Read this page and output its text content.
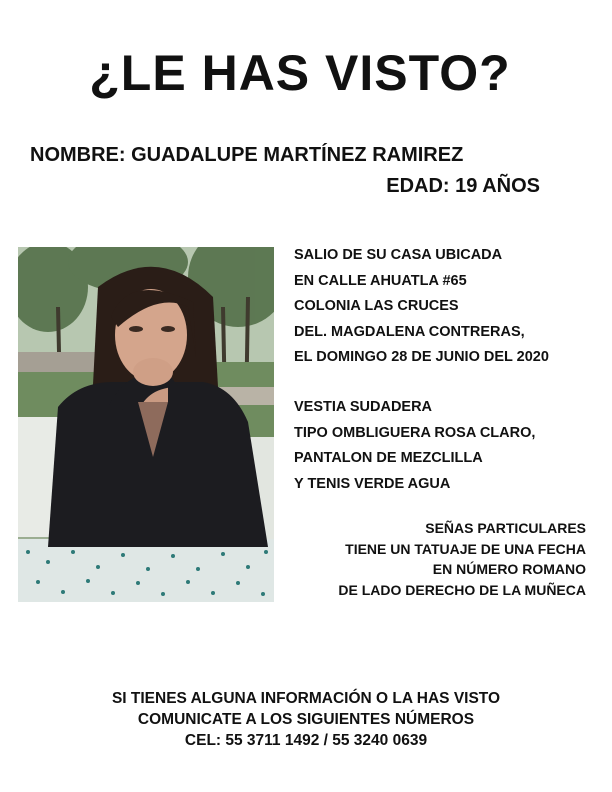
¿LE HAS VISTO?
NOMBRE: GUADALUPE MARTÍNEZ RAMIREZ
EDAD: 19 AÑOS
SALIO DE SU CASA UBICADA
EN CALLE AHUATLA #65
COLONIA LAS CRUCES
DEL. MAGDALENA CONTRERAS,
EL DOMINGO 28 DE JUNIO DEL 2020
VESTIA SUDADERA
TIPO OMBLIGUERA ROSA CLARO,
PANTALON DE MEZCLILLA
Y TENIS VERDE AGUA
SEÑAS PARTICULARES
TIENE UN TATUAJE DE UNA FECHA
EN NÚMERO ROMANO
DE LADO DERECHO DE LA MUÑECA
SI TIENES ALGUNA INFORMACIÓN O LA HAS VISTO
COMUNICATE A LOS SIGUIENTES NÚMEROS
CEL: 55 3711 1492 / 55 3240 0639
